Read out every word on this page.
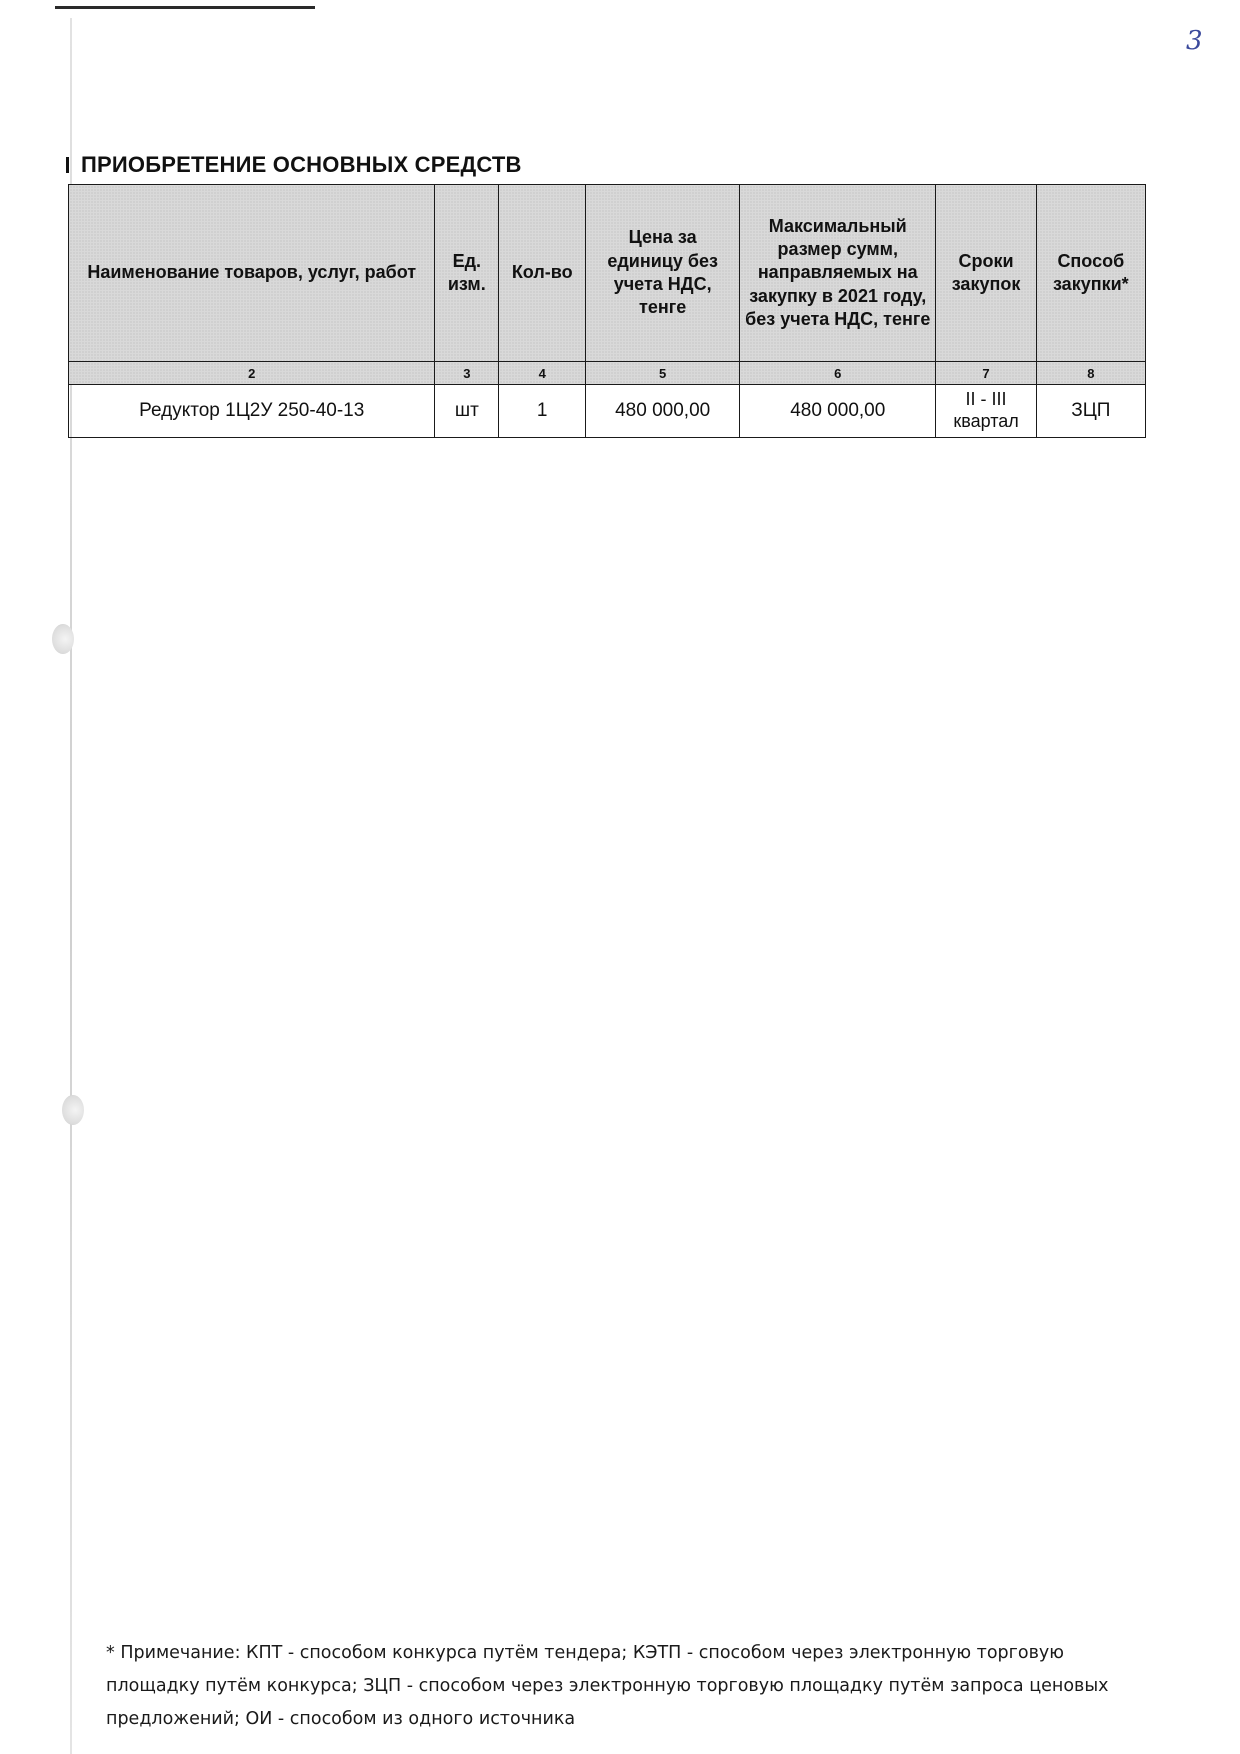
3
ПРИОБРЕТЕНИЕ ОСНОВНЫХ СРЕДСТВ
Наименование товаров, услуг, работ	Ед. изм.	Кол-во	Цена за единицу без учета НДС, тенге	Максимальный размер сумм, направляемых на закупку в 2021 году, без учета НДС, тенге	Сроки закупок	Способ закупки*
2	3	4	5	6	7	8
Редуктор 1Ц2У 250-40-13	шт	1	480 000,00	480 000,00	II - III квартал	ЗЦП
* Примечание: КПТ - способом конкурса путём тендера; КЭТП - способом через электронную торговую площадку путём конкурса; ЗЦП - способом через электронную торговую площадку путём запроса ценовых предложений; ОИ - способом из одного источника
